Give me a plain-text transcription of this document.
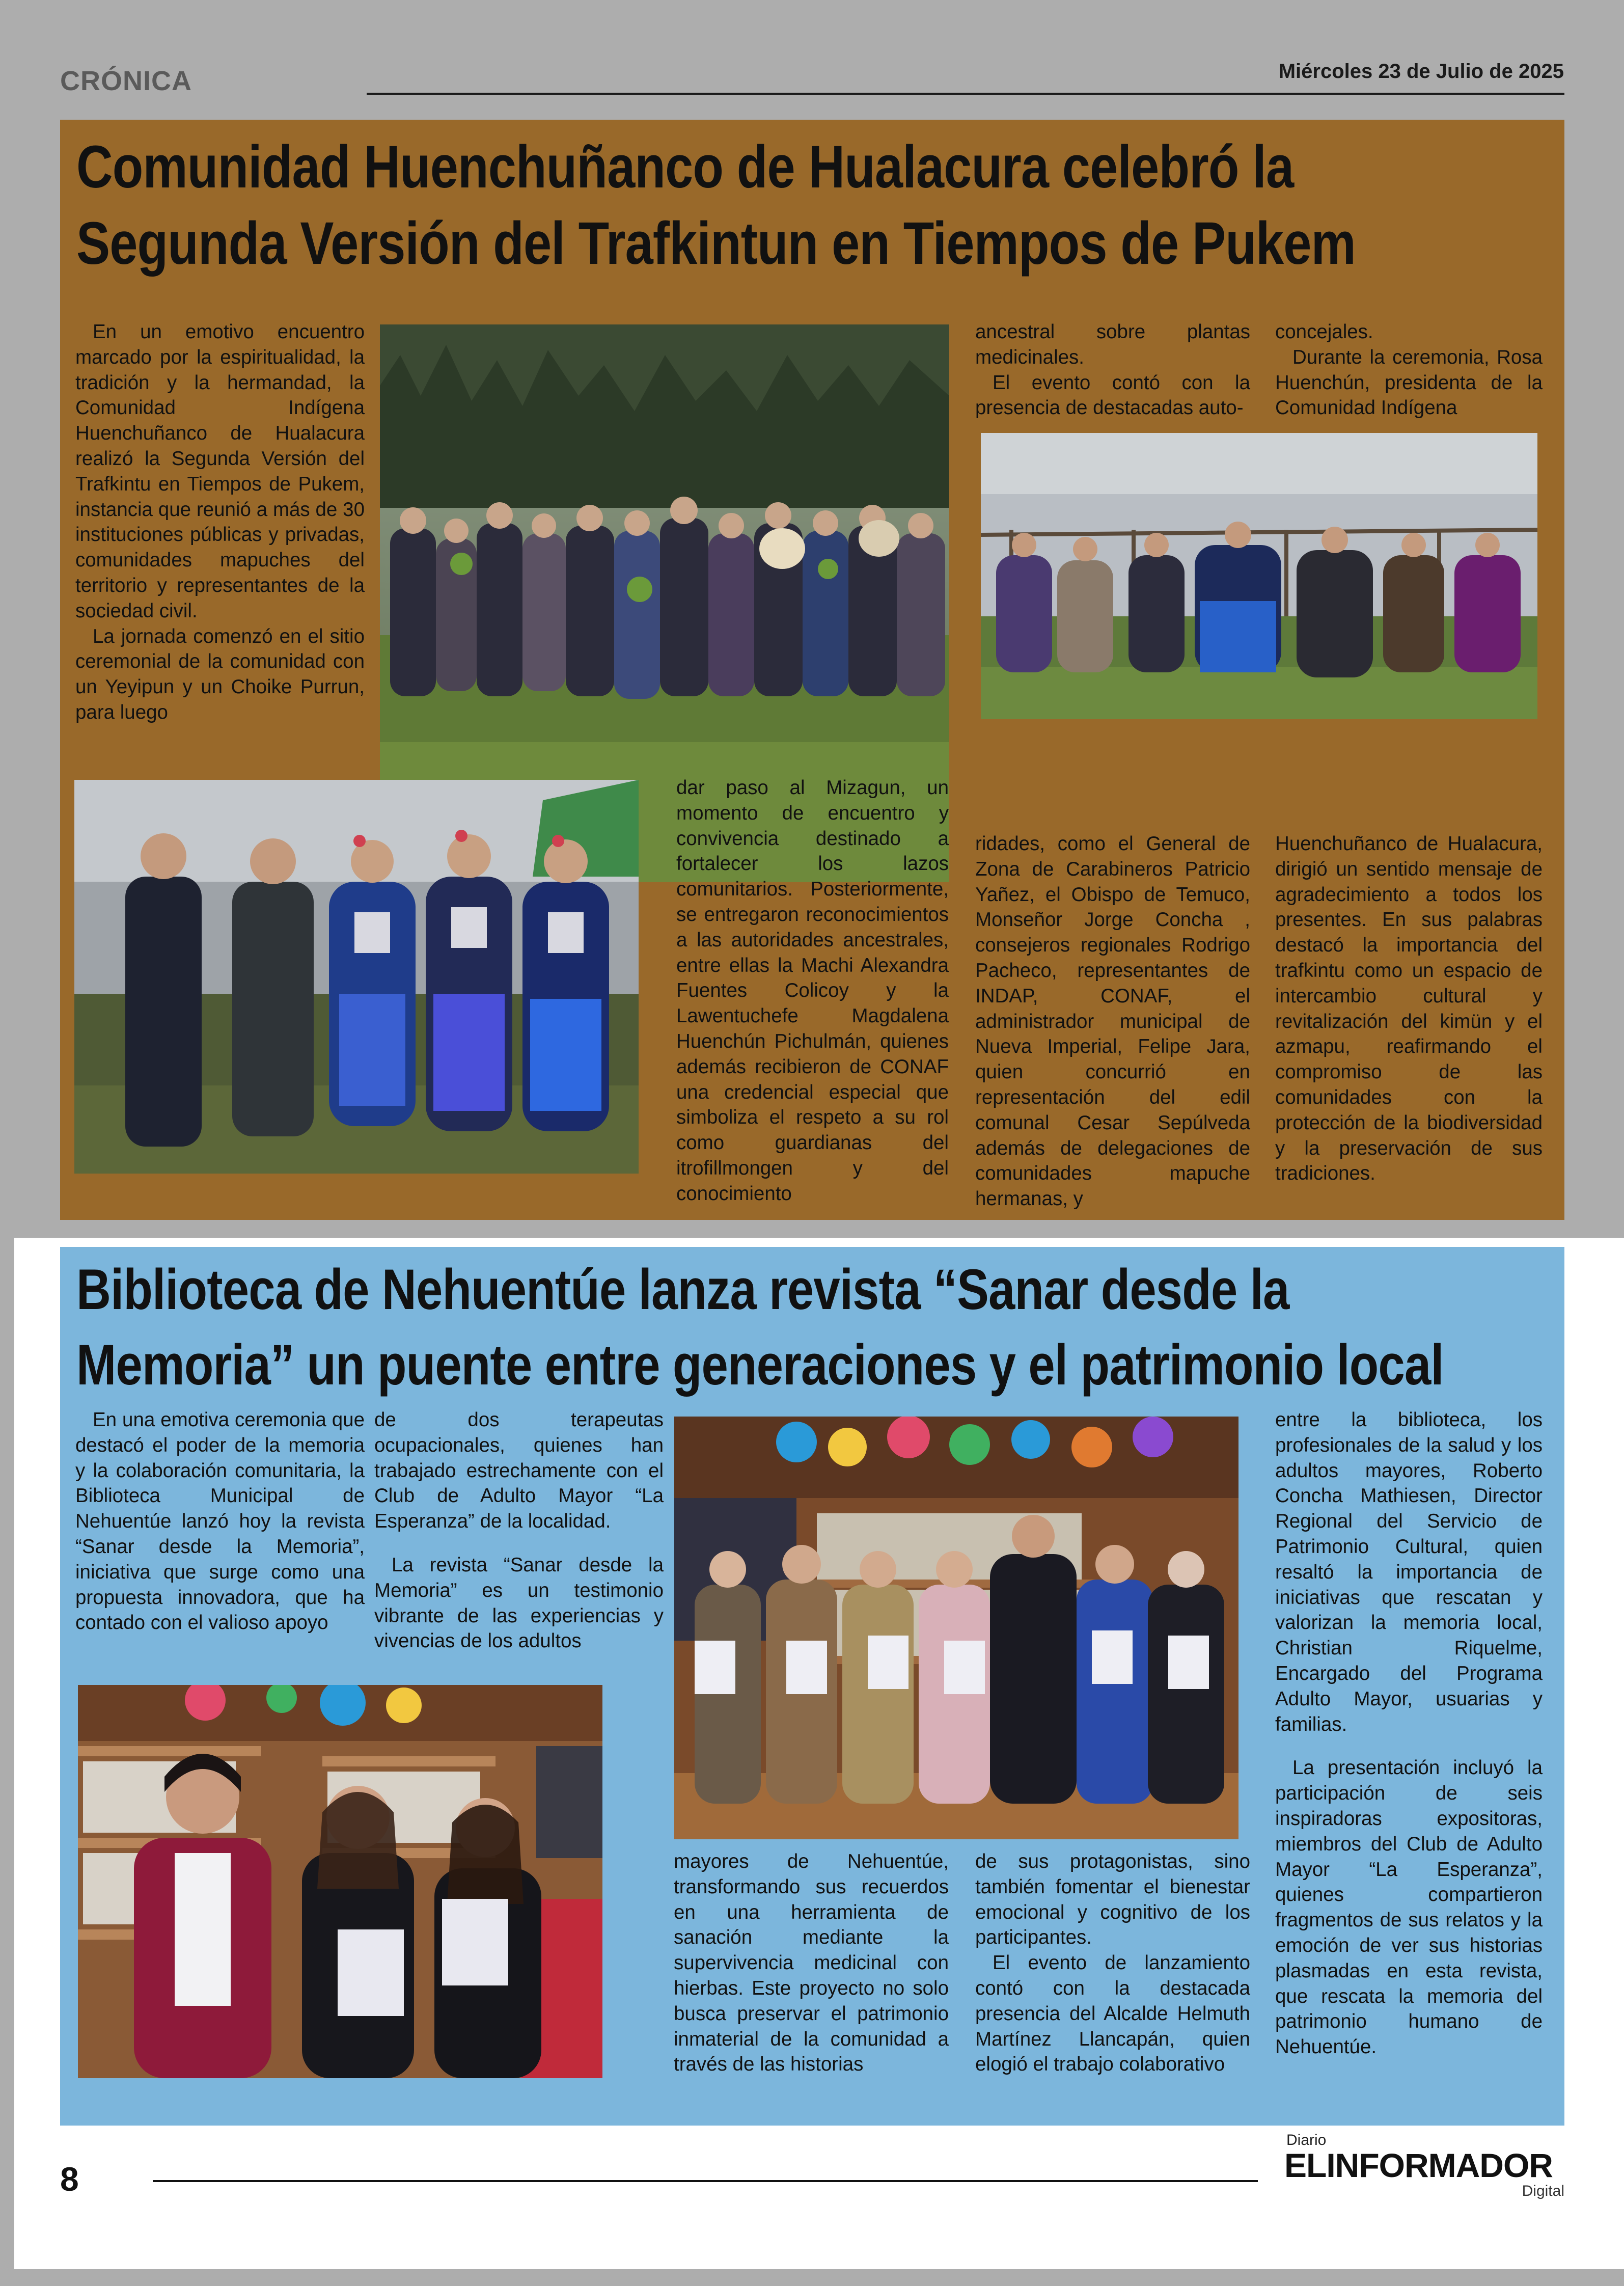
CRÓNICA	Miércoles 23 de Julio de 2025
Comunidad Huenchuñanco de Hualacura celebró la
Segunda Versión del Trafkintun en Tiempos de Pukem

En un emotivo encuentro marcado por la espiritualidad, la tradición y la hermandad, la Comunidad Indígena Huenchuñanco de Hualacura realizó la Segunda Versión del Trafkintu en Tiempos de Pukem, instancia que reunió a más de 30 instituciones públicas y privadas, comunidades mapuches del territorio y representantes de la sociedad civil.

La jornada comenzó en el sitio ceremonial de la comunidad con un Yeyipun y un Choike Purrun, para luego

dar paso al Mizagun, un momento de encuentro y convivencia destinado a fortalecer los lazos comunitarios. Posteriormente, se entregaron reconocimientos a las autoridades ancestrales, entre ellas la Machi Alexandra Fuentes Colicoy y la Lawentuchefe Magdalena Huenchún Pichulmán, quienes además recibieron de CONAF una credencial especial que simboliza el respeto a su rol como guardianas del itrofillmongen y del conocimiento

ancestral sobre plantas medicinales.

El evento contó con la presencia de destacadas auto-

ridades, como el General de Zona de Carabineros Patricio Yañez, el Obispo de Temuco, Monseñor Jorge Concha , consejeros regionales Rodrigo Pacheco, representantes de INDAP, CONAF, el administrador municipal de Nueva Imperial, Felipe Jara, quien concurrió en representación del edil comunal Cesar Sepúlveda además de delegaciones de comunidades mapuche hermanas, y

concejales.

Durante la ceremonia, Rosa Huenchún, presidenta de la Comunidad Indígena

Huenchuñanco de Hualacura, dirigió un sentido mensaje de agradecimiento a todos los presentes. En sus palabras destacó la importancia del trafkintu como un espacio de intercambio cultural y revitalización del kimün y el azmapu, reafirmando el compromiso de las comunidades con la protección de la biodiversidad y la preservación de sus tradiciones.

Biblioteca de Nehuentúe lanza revista “Sanar desde la
Memoria” un puente entre generaciones y el patrimonio local

En una emotiva ceremonia que destacó el poder de la memoria y la colaboración comunitaria, la Biblioteca Municipal de Nehuentúe lanzó hoy la revista “Sanar desde la Memoria”, iniciativa que surge como una propuesta innovadora, que ha contado con el valioso apoyo

de dos terapeutas ocupacionales, quienes han trabajado estrechamente con el Club de Adulto Mayor “La Esperanza” de la localidad.

La revista “Sanar desde la Memoria” es un testimonio vibrante de las experiencias y vivencias de los adultos

mayores de Nehuentúe, transformando sus recuerdos en una herramienta de sanación mediante la supervivencia medicinal con hierbas. Este proyecto no solo busca preservar el patrimonio inmaterial de la comunidad a través de las historias

de sus protagonistas, sino también fomentar el bienestar emocional y cognitivo de los participantes.

El evento de lanzamiento contó con la destacada presencia del Alcalde Helmuth Martínez Llancapán, quien elogió el trabajo colaborativo

entre la biblioteca, los profesionales de la salud y los adultos mayores, Roberto Concha Mathiesen, Director Regional del Servicio de Patrimonio Cultural, quien resaltó la importancia de iniciativas que rescatan y valorizan la memoria local, Christian Riquelme, Encargado del Programa Adulto Mayor, usuarias y familias.

La presentación incluyó la participación de seis inspiradoras expositoras, miembros del Club de Adulto Mayor “La Esperanza”, quienes compartieron fragmentos de sus relatos y la emoción de ver sus historias plasmadas en esta revista, que rescata la memoria del patrimonio humano de Nehuentúe.

8
Diario
ELINFORMADOR
Digital
